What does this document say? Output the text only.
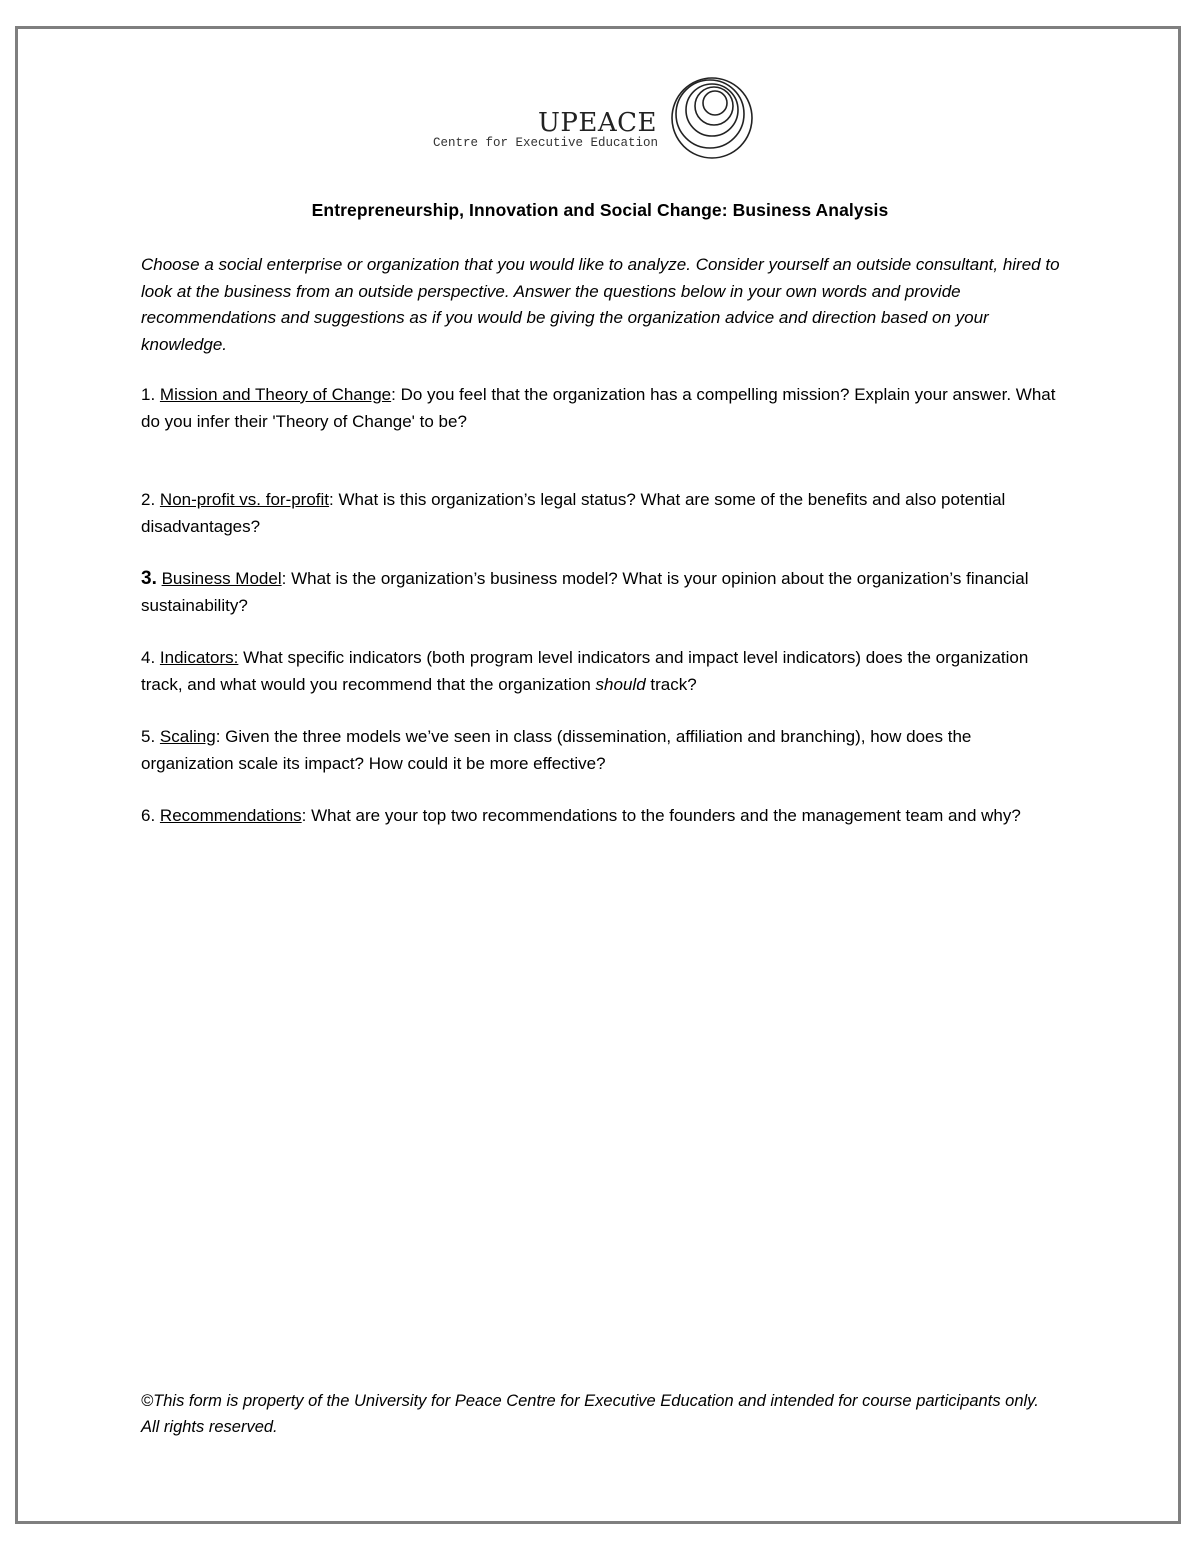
UPEACE
Centre for Executive Education
Entrepreneurship, Innovation and Social Change: Business Analysis

Choose a social enterprise or organization that you would like to analyze. Consider yourself an outside consultant, hired to look at the business from an outside perspective. Answer the questions below in your own words and provide recommendations and suggestions as if you would be giving the organization advice and direction based on your knowledge.

1. Mission and Theory of Change: Do you feel that the organization has a compelling mission? Explain your answer. What do you infer their 'Theory of Change' to be?

2. Non-profit vs. for-profit: What is this organization’s legal status? What are some of the benefits and also potential disadvantages?

3. Business Model: What is the organization’s business model? What is your opinion about the organization’s financial sustainability?

4. Indicators: What specific indicators (both program level indicators and impact level indicators) does the organization track, and what would you recommend that the organization should track?

5. Scaling: Given the three models we’ve seen in class (dissemination, affiliation and branching), how does the organization scale its impact? How could it be more effective?

6. Recommendations: What are your top two recommendations to the founders and the management team and why?

©This form is property of the University for Peace Centre for Executive Education and intended for course participants only. All rights reserved.
